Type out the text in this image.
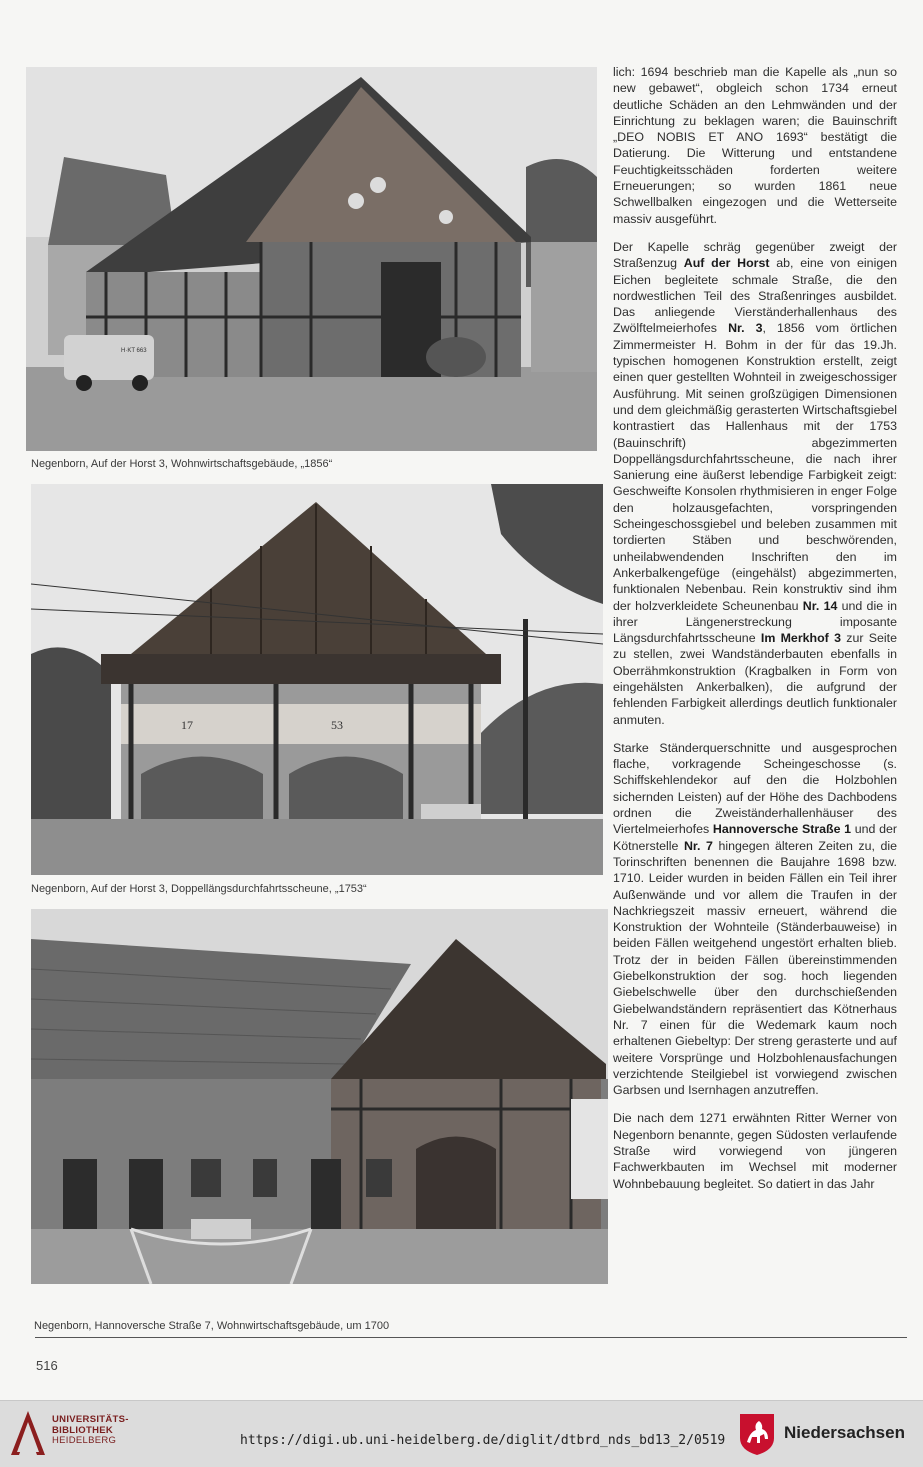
H·KT 663
Negenborn, Auf der Horst 3, Wohnwirtschaftsgebäude, „1856“
17	53
Negenborn, Auf der Horst 3, Doppellängsdurchfahrtsscheune, „1753“
Negenborn, Hannoversche Straße 7, Wohnwirtschaftsgebäude, um 1700

lich: 1694 beschrieb man die Kapelle als „nun so new gebawet“, obgleich schon 1734 erneut deutliche Schäden an den Lehmwänden und der Einrichtung zu beklagen waren; die Bauinschrift „DEO NOBIS ET ANO 1693“ bestätigt die Datierung. Die Witterung und entstandene Feuchtigkeitsschäden forderten weitere Erneuerungen; so wurden 1861 neue Schwellbalken eingezogen und die Wetterseite massiv ausgeführt.

Der Kapelle schräg gegenüber zweigt der Straßenzug Auf der Horst ab, eine von einigen Eichen begleitete schmale Straße, die den nordwestlichen Teil des Straßenringes ausbildet. Das anliegende Vierständerhallenhaus des Zwölftelmeierhofes Nr. 3, 1856 vom örtlichen Zimmermeister H. Bohm in der für das 19.Jh. typischen homogenen Konstruktion erstellt, zeigt einen quer gestellten Wohnteil in zweigeschossiger Ausführung. Mit seinen großzügigen Dimensionen und dem gleichmäßig gerasterten Wirtschaftsgiebel kontrastiert das Hallenhaus mit der 1753 (Bauinschrift) abgezimmerten Doppellängsdurchfahrtsscheune, die nach ihrer Sanierung eine äußerst lebendige Farbigkeit zeigt: Geschweifte Konsolen rhythmisieren in enger Folge den holzausgefachten, vorspringenden Scheingeschossgiebel und beleben zusammen mit tordierten Stäben und beschwörenden, unheilabwendenden Inschriften den im Ankerbalkengefüge (eingehälst) abgezimmerten, funktionalen Nebenbau. Rein konstruktiv sind ihm der holzverkleidete Scheunenbau Nr. 14 und die in ihrer Längenerstreckung imposante Längsdurchfahrtsscheune Im Merkhof 3 zur Seite zu stellen, zwei Wandständerbauten ebenfalls in Oberrähmkonstruktion (Kragbalken in Form von eingehälsten Ankerbalken), die aufgrund der fehlenden Farbigkeit allerdings deutlich funktionaler anmuten.

Starke Ständerquerschnitte und ausgesprochen flache, vorkragende Scheingeschosse (s. Schiffskehlendekor auf den die Holzbohlen sichernden Leisten) auf der Höhe des Dachbodens ordnen die Zweiständerhallenhäuser des Viertelmeierhofes Hannoversche Straße 1 und der Kötnerstelle Nr. 7 hingegen älteren Zeiten zu, die Torinschriften benennen die Baujahre 1698 bzw. 1710. Leider wurden in beiden Fällen ein Teil ihrer Außenwände und vor allem die Traufen in der Nachkriegszeit massiv erneuert, während die Konstruktion der Wohnteile (Ständerbauweise) in beiden Fällen weitgehend ungestört erhalten blieb. Trotz der in beiden Fällen übereinstimmenden Giebelkonstruktion der sog. hoch liegenden Giebelschwelle über den durchschießenden Giebelwandständern repräsentiert das Kötnerhaus Nr. 7 einen für die Wedemark kaum noch erhaltenen Giebeltyp: Der streng gerasterte und auf weitere Vorsprünge und Holzbohlenausfachungen verzichtende Steilgiebel ist vorwiegend zwischen Garbsen und Isernhagen anzutreffen.

Die nach dem 1271 erwähnten Ritter Werner von Negenborn benannte, gegen Südosten verlaufende Straße wird vorwiegend von jüngeren Fachwerkbauten im Wechsel mit moderner Wohnbebauung begleitet. So datiert in das Jahr

516
UNIVERSITÄTS-
BIBLIOTHEK
HEIDELBERG	https://digi.ub.uni-heidelberg.de/diglit/dtbrd_nds_bd13_2/0519	Niedersachsen
